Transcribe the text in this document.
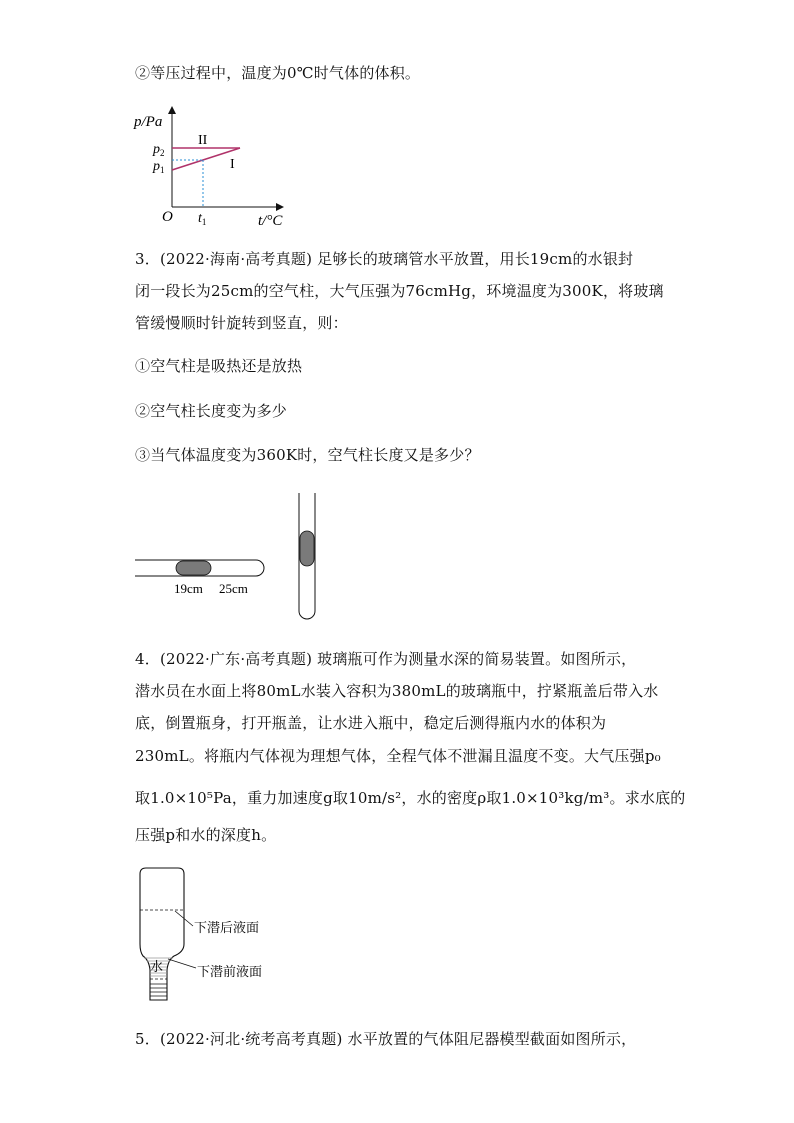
②等压过程中，温度为0℃时气体的体积。
p/Pa
II
I
$p_2$
$p_1$
O $t_1$	t/°C
3．(2022·海南·高考真题) 足够长的玻璃管水平放置，用长19cm的水银封
闭一段长为25cm的空气柱，大气压强为76cmHg，环境温度为300K，将玻璃
管缓慢顺时针旋转到竖直，则：
①空气柱是吸热还是放热
②空气柱长度变为多少
③当气体温度变为360K时，空气柱长度又是多少？
19cm 25cm
4．(2022·广东·高考真题) 玻璃瓶可作为测量水深的简易装置。如图所示，
潜水员在水面上将80mL水装入容积为380mL的玻璃瓶中，拧紧瓶盖后带入水
底，倒置瓶身，打开瓶盖，让水进入瓶中，稳定后测得瓶内水的体积为
230mL。将瓶内气体视为理想气体，全程气体不泄漏且温度不变。大气压强p₀
取1.0×10⁵Pa，重力加速度g取10m/s²，水的密度ρ取1.0×10³kg/m³。求水底的
压强p和水的深度h。
水
下潜后液面
下潜前液面
5．(2022·河北·统考高考真题) 水平放置的气体阻尼器模型截面如图所示，
